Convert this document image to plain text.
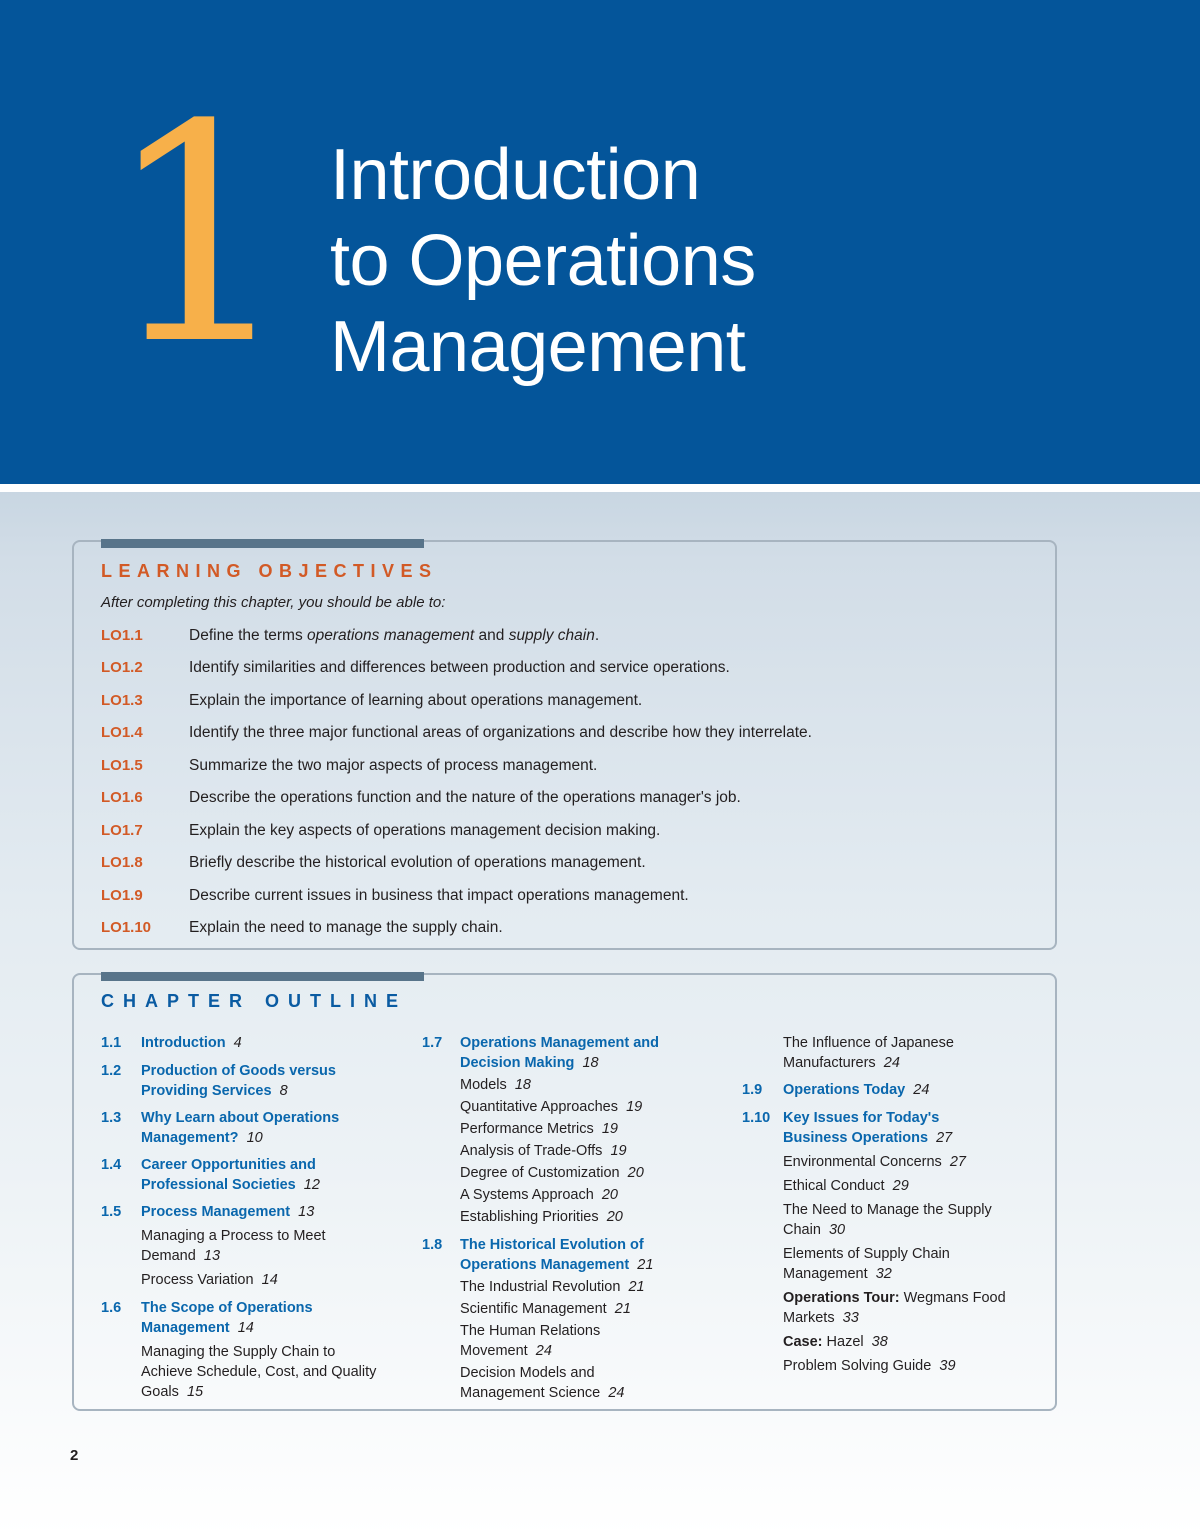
1 Introduction
to Operations
Management
LEARNING OBJECTIVES
After completing this chapter, you should be able to:
LO1.1	Define the terms operations management and supply chain.
LO1.2	Identify similarities and differences between production and service operations.
LO1.3	Explain the importance of learning about operations management.
LO1.4	Identify the three major functional areas of organizations and describe how they interrelate.
LO1.5	Summarize the two major aspects of process management.
LO1.6	Describe the operations function and the nature of the operations manager's job.
LO1.7	Explain the key aspects of operations management decision making.
LO1.8	Briefly describe the historical evolution of operations management.
LO1.9	Describe current issues in business that impact operations management.
LO1.10	Explain the need to manage the supply chain.
CHAPTER OUTLINE
1.1 Introduction 4
1.2 Production of Goods versus Providing Services 8
1.3 Why Learn about Operations Management? 10
1.4 Career Opportunities and Professional Societies 12
1.5 Process Management 13
Managing a Process to Meet Demand 13
Process Variation 14
1.6 The Scope of Operations Management 14
Managing the Supply Chain to Achieve Schedule, Cost, and Quality Goals 15
1.7 Operations Management and Decision Making 18
Models 18
Quantitative Approaches 19
Performance Metrics 19
Analysis of Trade-Offs 19
Degree of Customization 20
A Systems Approach 20
Establishing Priorities 20
1.8 The Historical Evolution of Operations Management 21
The Industrial Revolution 21
Scientific Management 21
The Human Relations Movement 24
Decision Models and Management Science 24
The Influence of Japanese Manufacturers 24
1.9 Operations Today 24
1.10 Key Issues for Today's Business Operations 27
Environmental Concerns 27
Ethical Conduct 29
The Need to Manage the Supply Chain 30
Elements of Supply Chain Management 32
Operations Tour: Wegmans Food Markets 33
Case: Hazel 38
Problem Solving Guide 39
2
